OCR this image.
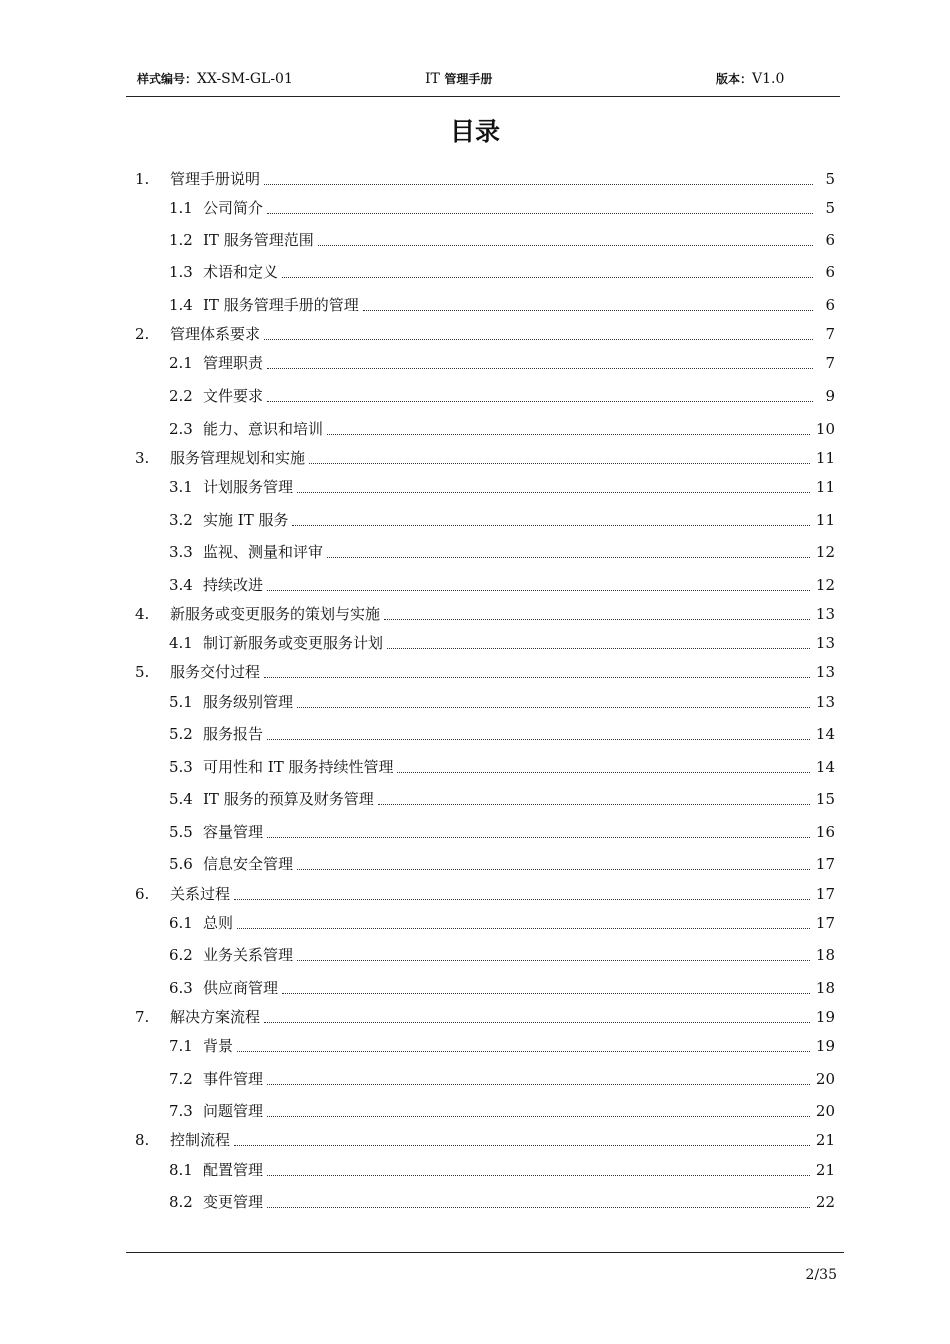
样式编号：XX-SM-GL-01	IT 管理手册	版本：V1.0
目录
1.	管理手册说明	5
1.1 公司简介	5
1.2 IT 服务管理范围	6
1.3 术语和定义	6
1.4 IT 服务管理手册的管理	6
2.	管理体系要求	7
2.1 管理职责	7
2.2 文件要求	9
2.3 能力、意识和培训	10
3.	服务管理规划和实施	11
3.1 计划服务管理	11
3.2 实施 IT 服务	11
3.3 监视、测量和评审	12
3.4 持续改进	12
4.	新服务或变更服务的策划与实施	13
4.1 制订新服务或变更服务计划	13
5.	服务交付过程	13
5.1 服务级别管理	13
5.2 服务报告	14
5.3 可用性和 IT 服务持续性管理	14
5.4 IT 服务的预算及财务管理	15
5.5 容量管理	16
5.6 信息安全管理	17
6.	关系过程	17
6.1 总则	17
6.2 业务关系管理	18
6.3 供应商管理	18
7.	解决方案流程	19
7.1 背景	19
7.2 事件管理	20
7.3 问题管理	20
8.	控制流程	21
8.1 配置管理	21
8.2 变更管理	22
2/35
